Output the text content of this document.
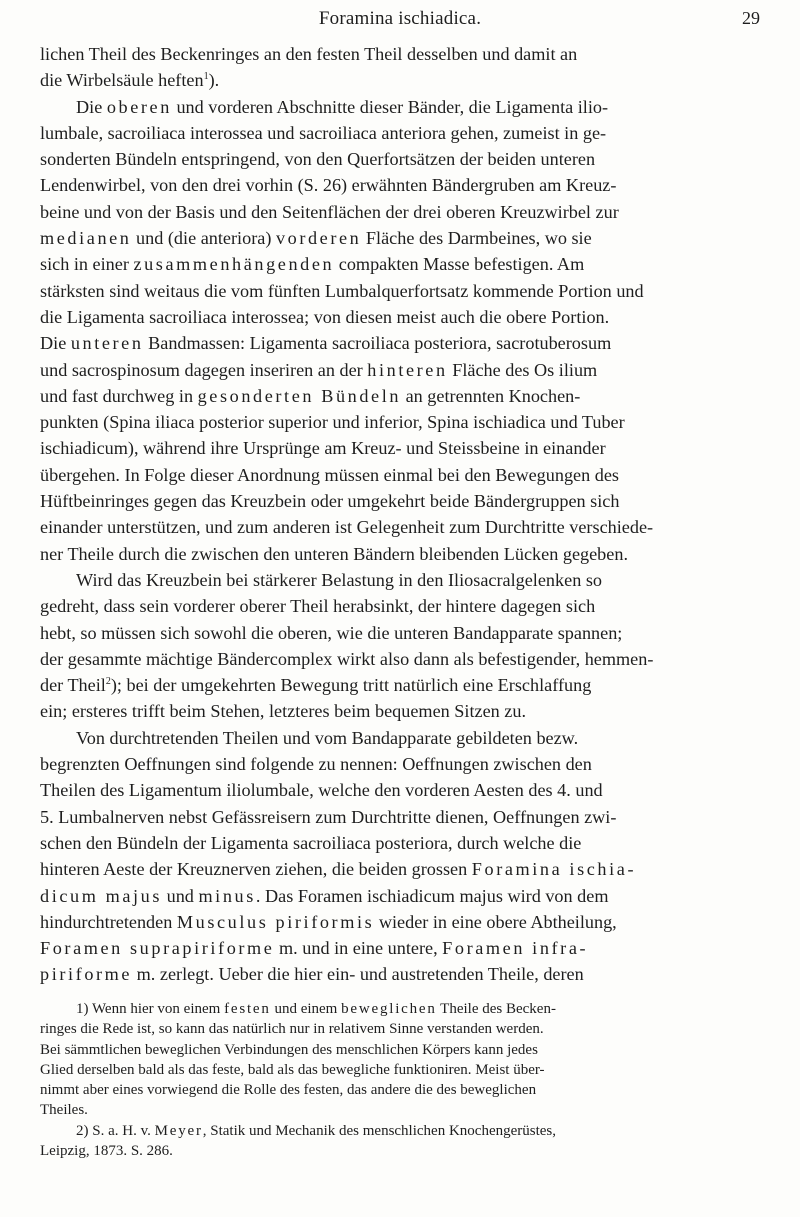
Foramina ischiadica.	29
lichen Theil des Beckenringes an den festen Theil desselben und damit an
die Wirbelsäule heften$^1$).
Die oberen und vorderen Abschnitte dieser Bänder, die Ligamenta ilio-
lumbale, sacroiliaca interossea und sacroiliaca anteriora gehen, zumeist in ge-
sonderten Bündeln entspringend, von den Querfortsätzen der beiden unteren
Lendenwirbel, von den drei vorhin (S. 26) erwähnten Bändergruben am Kreuz-
beine und von der Basis und den Seitenflächen der drei oberen Kreuzwirbel zur
medianen und (die anteriora) vorderen Fläche des Darmbeines, wo sie
sich in einer zusammenhängenden compakten Masse befestigen. Am
stärksten sind weitaus die vom fünften Lumbalquerfortsatz kommende Portion und
die Ligamenta sacroiliaca interossea; von diesen meist auch die obere Portion.
Die unteren Bandmassen: Ligamenta sacroiliaca posteriora, sacrotuberosum
und sacrospinosum dagegen inseriren an der hinteren Fläche des Os ilium
und fast durchweg in gesonderten Bündeln an getrennten Knochen-
punkten (Spina iliaca posterior superior und inferior, Spina ischiadica und Tuber
ischiadicum), während ihre Ursprünge am Kreuz- und Steissbeine in einander
übergehen. In Folge dieser Anordnung müssen einmal bei den Bewegungen des
Hüftbeinringes gegen das Kreuzbein oder umgekehrt beide Bändergruppen sich
einander unterstützen, und zum anderen ist Gelegenheit zum Durchtritte verschiede-
ner Theile durch die zwischen den unteren Bändern bleibenden Lücken gegeben.
Wird das Kreuzbein bei stärkerer Belastung in den Iliosacralgelenken so
gedreht, dass sein vorderer oberer Theil herabsinkt, der hintere dagegen sich
hebt, so müssen sich sowohl die oberen, wie die unteren Bandapparate spannen;
der gesammte mächtige Bändercomplex wirkt also dann als befestigender, hemmen-
der Theil$^2$); bei der umgekehrten Bewegung tritt natürlich eine Erschlaffung
ein; ersteres trifft beim Stehen, letzteres beim bequemen Sitzen zu.
Von durchtretenden Theilen und vom Bandapparate gebildeten bezw.
begrenzten Oeffnungen sind folgende zu nennen: Oeffnungen zwischen den
Theilen des Ligamentum iliolumbale, welche den vorderen Aesten des 4. und
5. Lumbalnerven nebst Gefässreisern zum Durchtritte dienen, Oeffnungen zwi-
schen den Bündeln der Ligamenta sacroiliaca posteriora, durch welche die
hinteren Aeste der Kreuznerven ziehen, die beiden grossen Foramina ischia-
dicum majus und minus. Das Foramen ischiadicum majus wird von dem
hindurchtretenden Musculus piriformis wieder in eine obere Abtheilung,
Foramen suprapiriforme m. und in eine untere, Foramen infra-
piriforme m. zerlegt. Ueber die hier ein- und austretenden Theile, deren
1) Wenn hier von einem festen und einem beweglichen Theile des Becken-
ringes die Rede ist, so kann das natürlich nur in relativem Sinne verstanden werden.
Bei sämmtlichen beweglichen Verbindungen des menschlichen Körpers kann jedes
Glied derselben bald als das feste, bald als das bewegliche funktioniren. Meist über-
nimmt aber eines vorwiegend die Rolle des festen, das andere die des beweglichen
Theiles.
2) S. a. H. v. Meyer, Statik und Mechanik des menschlichen Knochengerüstes,
Leipzig, 1873. S. 286.
